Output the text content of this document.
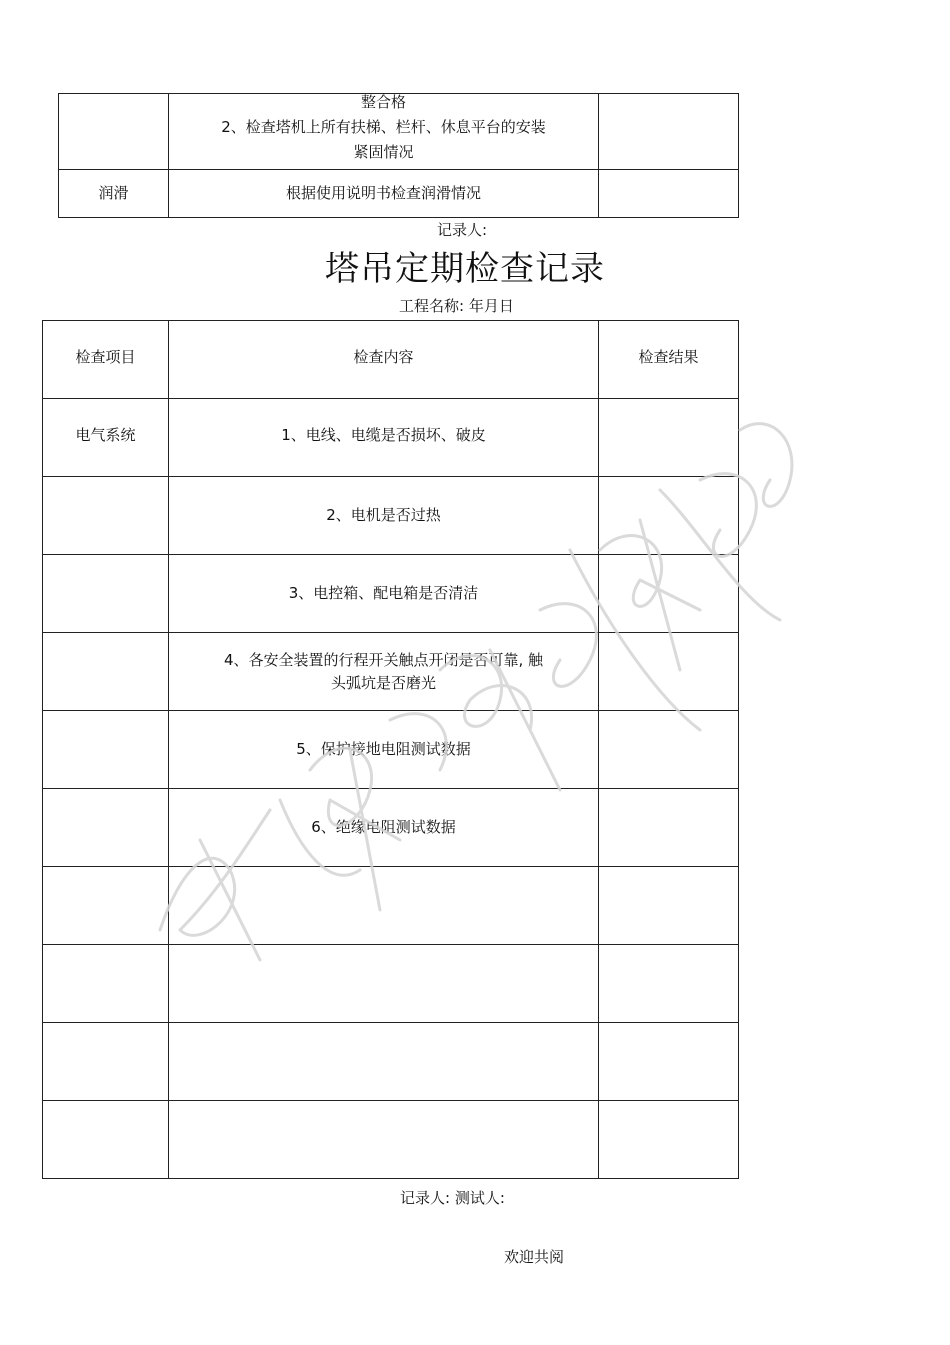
	整合格
2、检查塔机上所有扶梯、栏杆、休息平台的安装
紧固情况	

润滑	根据使用说明书检查润滑情况	

记录人:
塔吊定期检查记录
工程名称: 年月日
检查项目	检查内容	检查结果

电气系统	1、电线、电缆是否损坏、破皮	

	2、电机是否过热	

	3、电控箱、配电箱是否清洁	

	4、各安全装置的行程开关触点开闭是否可靠, 触
头弧坑是否磨光	

	5、保护接地电阻测试数据	

	6、绝缘电阻测试数据	

记录人: 测试人:
欢迎共阅
